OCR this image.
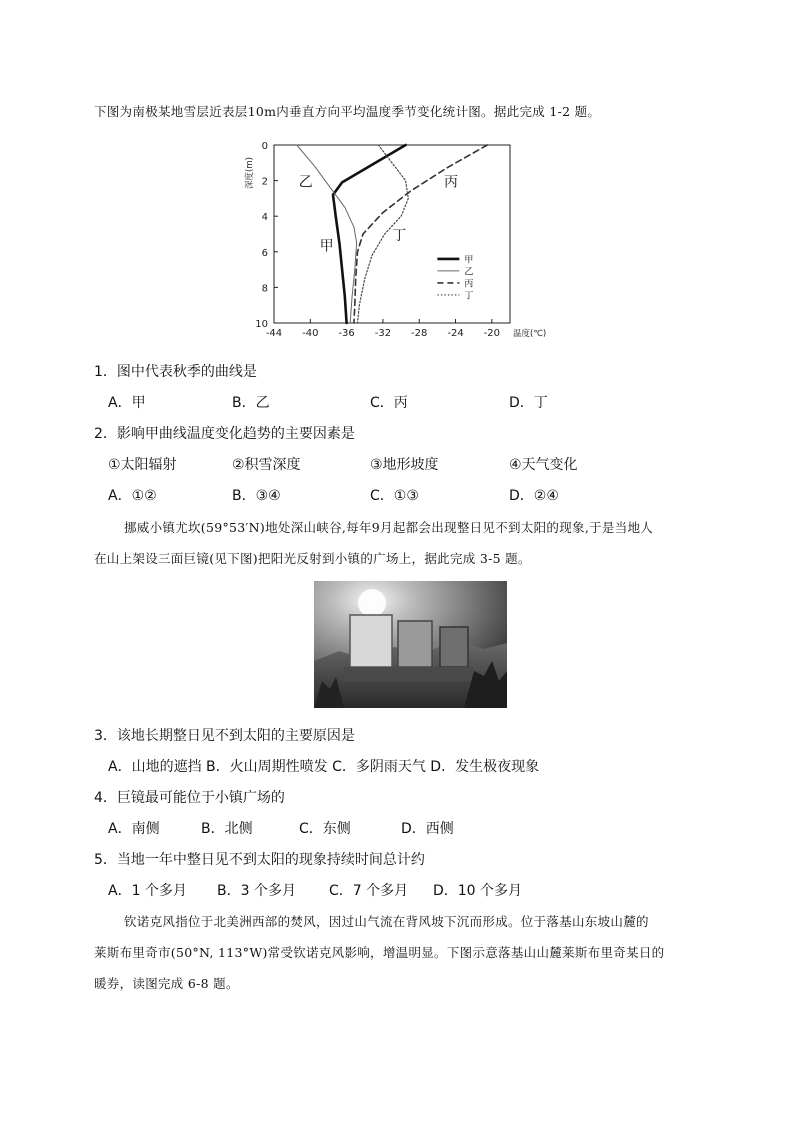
下图为南极某地雪层近表层10m内垂直方向平均温度季节变化统计图。据此完成 1-2 题。
-44 -40 -36 -32 -28 -24 -20
0
2
4
6
8
10
深度(m)
温度(℃)
乙	丙
甲
丁
甲
乙
丙
丁
1．图中代表秋季的曲线是
A．甲	B．乙	C．丙	D．丁
2．影响甲曲线温度变化趋势的主要因素是
①太阳辐射	②积雪深度	③地形坡度	④天气变化
A．①②	B．③④	C．①③	D．②④
挪威小镇尤坎(59°53′N)地处深山峡谷,每年9月起都会出现整日见不到太阳的现象,于是当地人
在山上架设三面巨镜(见下图)把阳光反射到小镇的广场上，据此完成 3-5 题。
3．该地长期整日见不到太阳的主要原因是
A．山地的遮挡 B．火山周期性喷发 C．多阴雨天气 D．发生极夜现象
4．巨镜最可能位于小镇广场的
A．南侧	B．北侧	C．东侧	D．西侧
5．当地一年中整日见不到太阳的现象持续时间总计约
A．1 个多月 B．3 个多月 C．7 个多月 D．10 个多月
钦诺克风指位于北美洲西部的焚风，因过山气流在背风坡下沉而形成。位于落基山东坡山麓的
莱斯布里奇市(50°N, 113°W)常受钦诺克风影响，增温明显。下图示意落基山山麓莱斯布里奇某日的
暖券，读图完成 6-8 题。
